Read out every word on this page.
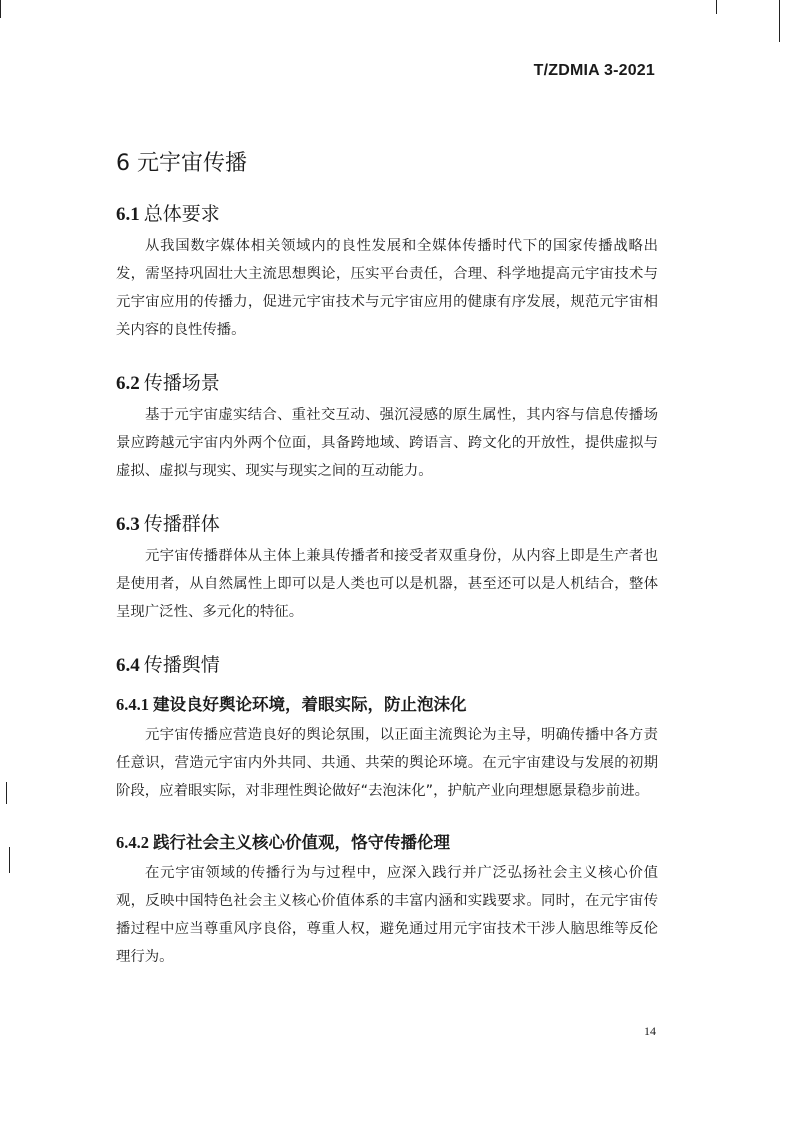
T/ZDMIA 3-2021
6 元宇宙传播
6.1 总体要求

从我国数字媒体相关领域内的良性发展和全媒体传播时代下的国家传播战略出发，需坚持巩固壮大主流思想舆论，压实平台责任，合理、科学地提高元宇宙技术与元宇宙应用的传播力，促进元宇宙技术与元宇宙应用的健康有序发展，规范元宇宙相关内容的良性传播。

6.2 传播场景

基于元宇宙虚实结合、重社交互动、强沉浸感的原生属性，其内容与信息传播场景应跨越元宇宙内外两个位面，具备跨地域、跨语言、跨文化的开放性，提供虚拟与虚拟、虚拟与现实、现实与现实之间的互动能力。

6.3 传播群体

元宇宙传播群体从主体上兼具传播者和接受者双重身份，从内容上即是生产者也是使用者，从自然属性上即可以是人类也可以是机器，甚至还可以是人机结合，整体呈现广泛性、多元化的特征。

6.4 传播舆情
6.4.1 建设良好舆论环境，着眼实际，防止泡沫化

元宇宙传播应营造良好的舆论氛围，以正面主流舆论为主导，明确传播中各方责任意识，营造元宇宙内外共同、共通、共荣的舆论环境。在元宇宙建设与发展的初期阶段，应着眼实际，对非理性舆论做好“去泡沫化”，护航产业向理想愿景稳步前进。

6.4.2 践行社会主义核心价值观，恪守传播伦理

在元宇宙领域的传播行为与过程中，应深入践行并广泛弘扬社会主义核心价值观，反映中国特色社会主义核心价值体系的丰富内涵和实践要求。同时，在元宇宙传播过程中应当尊重风序良俗，尊重人权，避免通过用元宇宙技术干涉人脑思维等反伦理行为。

14
